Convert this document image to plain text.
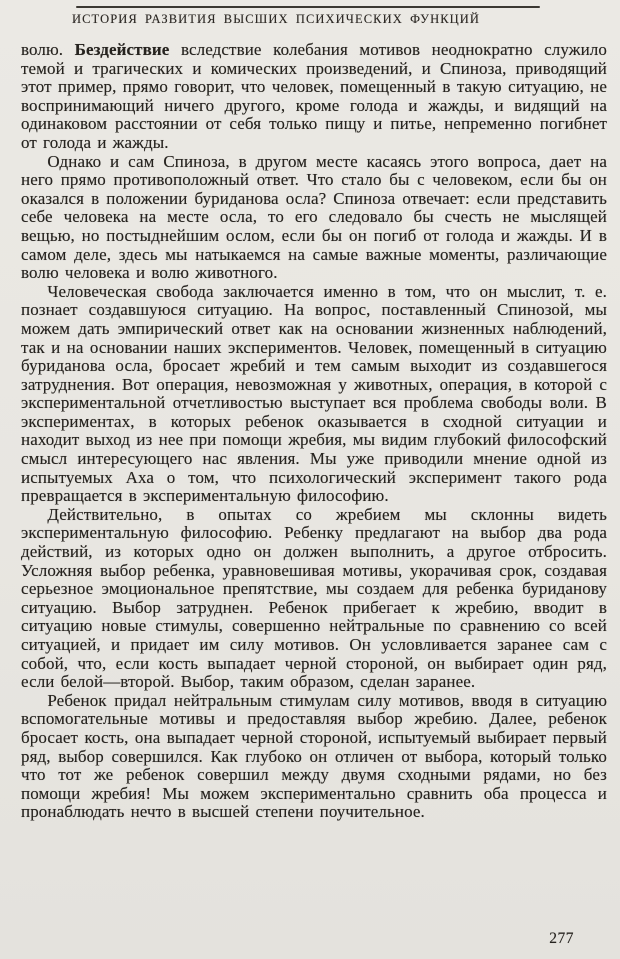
ИСТОРИЯ РАЗВИТИЯ ВЫСШИХ ПСИХИЧЕСКИХ ФУНКЦИЙ

волю. Бездействие вследствие колебания мотивов неоднократно служило темой и трагических и комических произведений, и Спиноза, приводящий этот пример, прямо говорит, что человек, помещенный в такую ситуацию, не воспринимающий ничего другого, кроме голода и жажды, и видящий на одинаковом расстоянии от себя только пищу и питье, непременно погибнет от голода и жажды.

Однако и сам Спиноза, в другом месте касаясь этого вопроса, дает на него прямо противоположный ответ. Что стало бы с человеком, если бы он оказался в положении буриданова осла? Спиноза отвечает: если представить себе человека на месте осла, то его следовало бы счесть не мыслящей вещью, но постыднейшим ослом, если бы он погиб от голода и жажды. И в самом деле, здесь мы натыкаемся на самые важные моменты, различающие волю человека и волю животного.

Человеческая свобода заключается именно в том, что он мыслит, т. е. познает создавшуюся ситуацию. На вопрос, поставленный Спинозой, мы можем дать эмпирический ответ как на основании жизненных наблюдений, так и на основании наших экспериментов. Человек, помещенный в ситуацию буриданова осла, бросает жребий и тем самым выходит из создавшегося затруднения. Вот операция, невозможная у животных, операция, в которой с экспериментальной отчетливостью выступает вся проблема свободы воли. В экспериментах, в которых ребенок оказывается в сходной ситуации и находит выход из нее при помощи жребия, мы видим глубокий философский смысл интересующего нас явления. Мы уже приводили мнение одной из испытуемых Аха о том, что психологический эксперимент такого рода превращается в экспериментальную философию.

Действительно, в опытах со жребием мы склонны видеть экспериментальную философию. Ребенку предлагают на выбор два рода действий, из которых одно он должен выполнить, а другое отбросить. Усложняя выбор ребенка, уравновешивая мотивы, укорачивая срок, создавая серьезное эмоциональное препятствие, мы создаем для ребенка буриданову ситуацию. Выбор затруднен. Ребенок прибегает к жребию, вводит в ситуацию новые стимулы, совершенно нейтральные по сравнению со всей ситуацией, и придает им силу мотивов. Он условливается заранее сам с собой, что, если кость выпадает черной стороной, он выбирает один ряд, если белой—второй. Выбор, таким образом, сделан заранее.

Ребенок придал нейтральным стимулам силу мотивов, вводя в ситуацию вспомогательные мотивы и предоставляя выбор жребию. Далее, ребенок бросает кость, она выпадает черной стороной, испытуемый выбирает первый ряд, выбор совершился. Как глубоко он отличен от выбора, который только что тот же ребенок совершил между двумя сходными рядами, но без помощи жребия! Мы можем экспериментально сравнить оба процесса и пронаблюдать нечто в высшей степени поучительное.

277
